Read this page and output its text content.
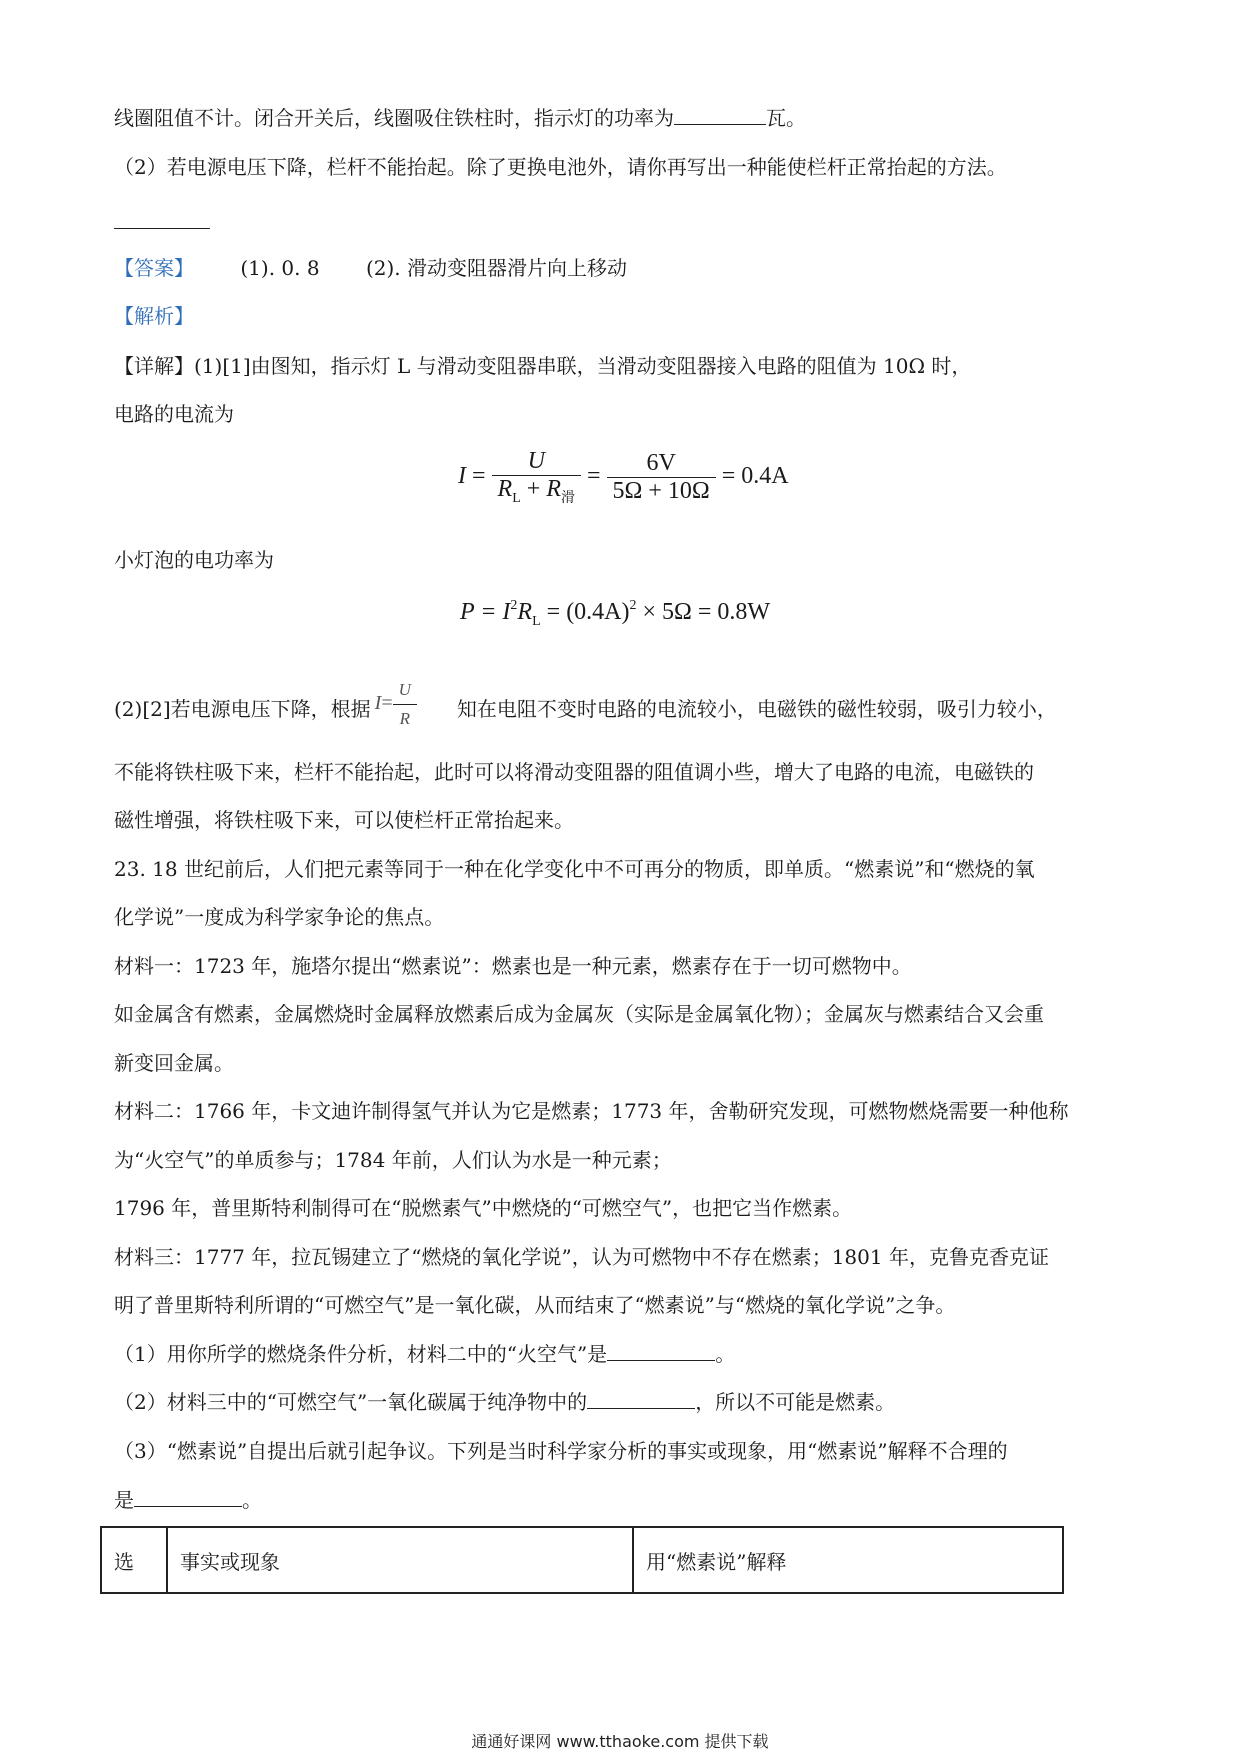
线圈阻值不计。闭合开关后，线圈吸住铁柱时，指示灯的功率为	瓦。
（2）若电源电压下降，栏杆不能抬起。除了更换电池外，请你再写出一种能使栏杆正常抬起的方法。
【答案】 (1). 0. 8 (2). 滑动变阻器滑片向上移动
【解析】
【详解】(1)[1]由图知，指示灯 L 与滑动变阻器串联，当滑动变阻器接入电路的阻值为 10Ω 时，
电路的电流为
$I = \frac{U}{R_L + R_滑} = \frac{6V}{5\Omega + 10\Omega} = 0.4A$
小灯泡的电功率为
$P = I^2R_L = (0.4A)^2 \times 5\Omega = 0.8W$
(2)[2]若电源电压下降，根据 $I= \frac{U}{R}$ 知在电阻不变时电路的电流较小，电磁铁的磁性较弱，吸引力较小，
不能将铁柱吸下来，栏杆不能抬起，此时可以将滑动变阻器的阻值调小些，增大了电路的电流，电磁铁的
磁性增强，将铁柱吸下来，可以使栏杆正常抬起来。
23. 18 世纪前后，人们把元素等同于一种在化学变化中不可再分的物质，即单质。“燃素说”和“燃烧的氧
化学说”一度成为科学家争论的焦点。
材料一：1723 年，施塔尔提出“燃素说”：燃素也是一种元素，燃素存在于一切可燃物中。
如金属含有燃素，金属燃烧时金属释放燃素后成为金属灰（实际是金属氧化物）；金属灰与燃素结合又会重
新变回金属。
材料二：1766 年，卡文迪许制得氢气并认为它是燃素；1773 年，舍勒研究发现，可燃物燃烧需要一种他称
为“火空气”的单质参与；1784 年前，人们认为水是一种元素；
1796 年，普里斯特利制得可在“脱燃素气”中燃烧的“可燃空气”，也把它当作燃素。
材料三：1777 年，拉瓦锡建立了“燃烧的氧化学说”，认为可燃物中不存在燃素；1801 年，克鲁克香克证
明了普里斯特利所谓的“可燃空气”是一氧化碳，从而结束了“燃素说”与“燃烧的氧化学说”之争。
（1）用你所学的燃烧条件分析，材料二中的“火空气”是	。
（2）材料三中的“可燃空气”一氧化碳属于纯净物中的	，所以不可能是燃素。
（3）“燃素说”自提出后就引起争议。下列是当时科学家分析的事实或现象，用“燃素说”解释不合理的
是	。
选	事实或现象	用“燃素说”解释
通通好课网 www.tthaoke.com 提供下载
